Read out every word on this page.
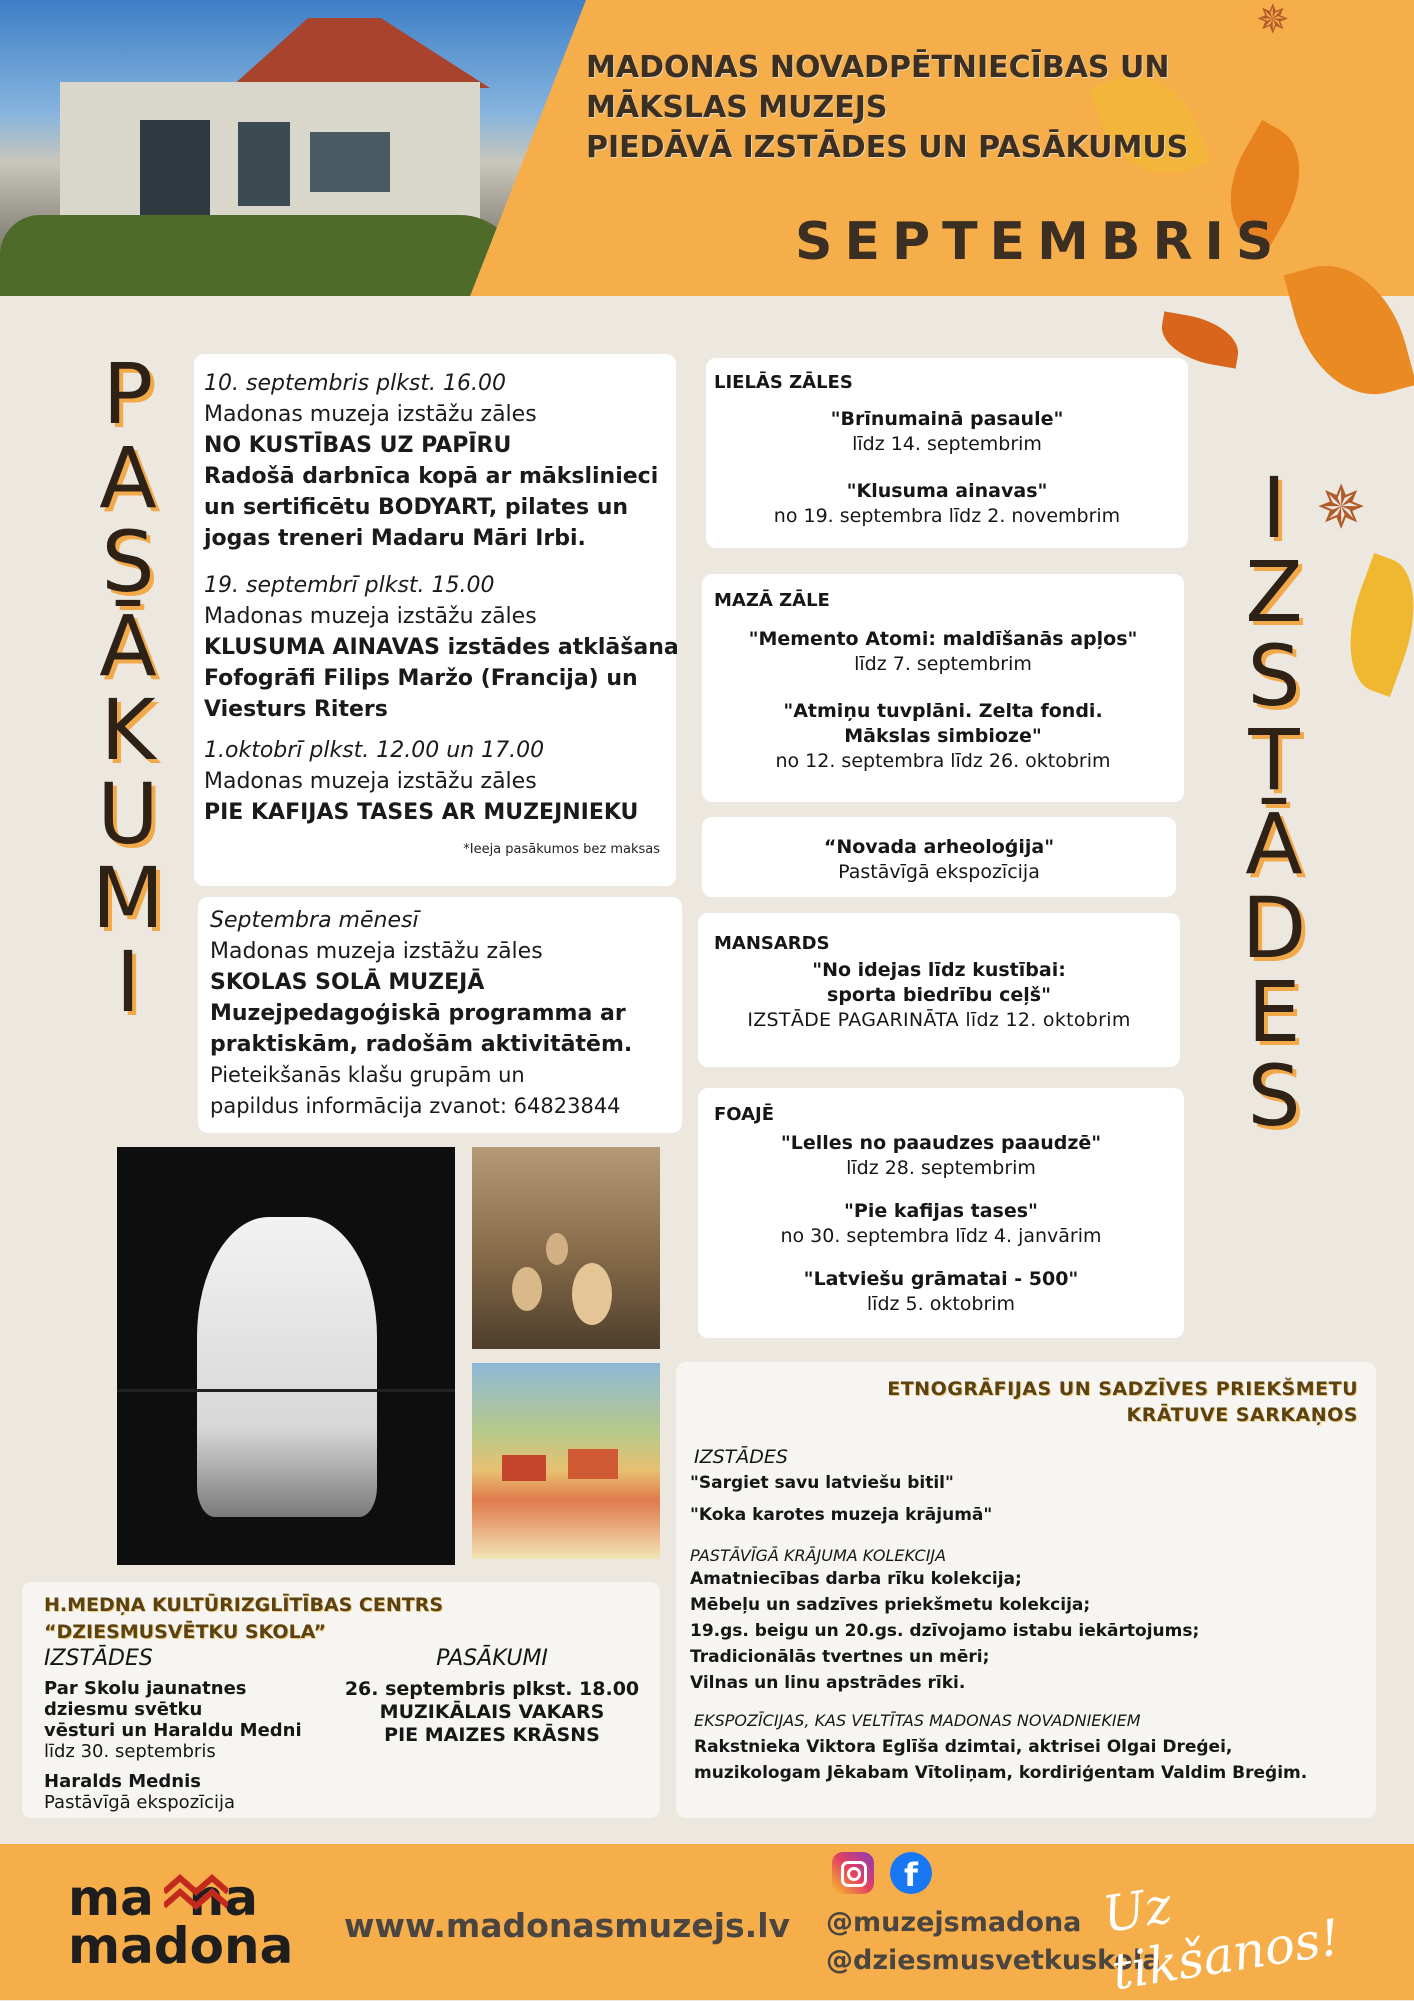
✵
✵
MADONAS NOVADPĒTNIECĪBAS UN
MĀKSLAS MUZEJS
PIEDĀVĀ IZSTĀDES UN PASĀKUMUS
SEPTEMBRIS
P
A
S
Ā
K
U
M
I
I
Z
S
T
Ā
D
E
S
10. septembris plkst. 16.00
Madonas muzeja izstāžu zāles
NO KUSTĪBAS UZ PAPĪRU
Radošā darbnīca kopā ar mākslinieci
un sertificētu BODYART, pilates un
jogas treneri Madaru Māri Irbi.
19. septembrī plkst. 15.00
Madonas muzeja izstāžu zāles
KLUSUMA AINAVAS izstādes atklāšana
Fofogrāfi Filips Maržo (Francija) un
Viesturs Riters
1.oktobrī plkst. 12.00 un 17.00
Madonas muzeja izstāžu zāles
PIE KAFIJAS TASES AR MUZEJNIEKU
*Ieeja pasākumos bez maksas
Septembra mēnesī
Madonas muzeja izstāžu zāles
SKOLAS SOLĀ MUZEJĀ
Muzejpedagoģiskā programma ar
praktiskām, radošām aktivitātēm.
Pieteikšanās klašu grupām un
papildus informācija zvanot: 64823844
LIELĀS ZĀLES
"Brīnumainā pasaule"
līdz 14. septembrim
"Klusuma ainavas"
no 19. septembra līdz 2. novembrim
MAZĀ ZĀLE
"Memento Atomi: maldīšanās apļos"
līdz 7. septembrim
"Atmiņu tuvplāni. Zelta fondi.
Mākslas simbioze"
no 12. septembra līdz 26. oktobrim
“Novada arheoloģija"
Pastāvīgā ekspozīcija
MANSARDS
"No idejas līdz kustībai:
sporta biedrību ceļš"
IZSTĀDE PAGARINĀTA līdz 12. oktobrim
FOAJĒ
"Lelles no paaudzes paaudzē"
līdz 28. septembrim
"Pie kafijas tases"
no 30. septembra līdz 4. janvārim
"Latviešu grāmatai - 500"
līdz 5. oktobrim
ETNOGRĀFIJAS UN SADZĪVES PRIEKŠMETU
KRĀTUVE SARKAŅOS
IZSTĀDES
"Sargiet savu latviešu bitil"
"Koka karotes muzeja krājumā"
PASTĀVĪGĀ KRĀJUMA KOLEKCIJA
Amatniecības darba rīku kolekcija;
Mēbeļu un sadzīves priekšmetu kolekcija;
19.gs. beigu un 20.gs. dzīvojamo istabu iekārtojums;
Tradicionālās tvertnes un mēri;
Vilnas un linu apstrādes rīki.
EKSPOZĪCIJAS, KAS VELTĪTAS MADONAS NOVADNIEKIEM
Rakstnieka Viktora Eglīša dzimtai, aktrisei Olgai Dreģei,
muzikologam Jēkabam Vītoliņam, kordiriģentam Valdim Breģim.
H.MEDŅA KULTŪRIZGLĪTĪBAS CENTRS
“DZIESMUSVĒTKU SKOLA”
IZSTĀDES
Par Skolu jaunatnes
dziesmu svētku
vēsturi un Haraldu Medni
līdz 30. septembris
Haralds Mednis
Pastāvīgā ekspozīcija
PASĀKUMI
26. septembris plkst. 18.00
MUZIKĀLAIS VAKARS
PIE MAIZES KRĀSNS
ma  na
madona	www.madonasmuzejs.lv
f
@muzejsmadona
@dziesmusvetkuskola
Uz tikšanos!
